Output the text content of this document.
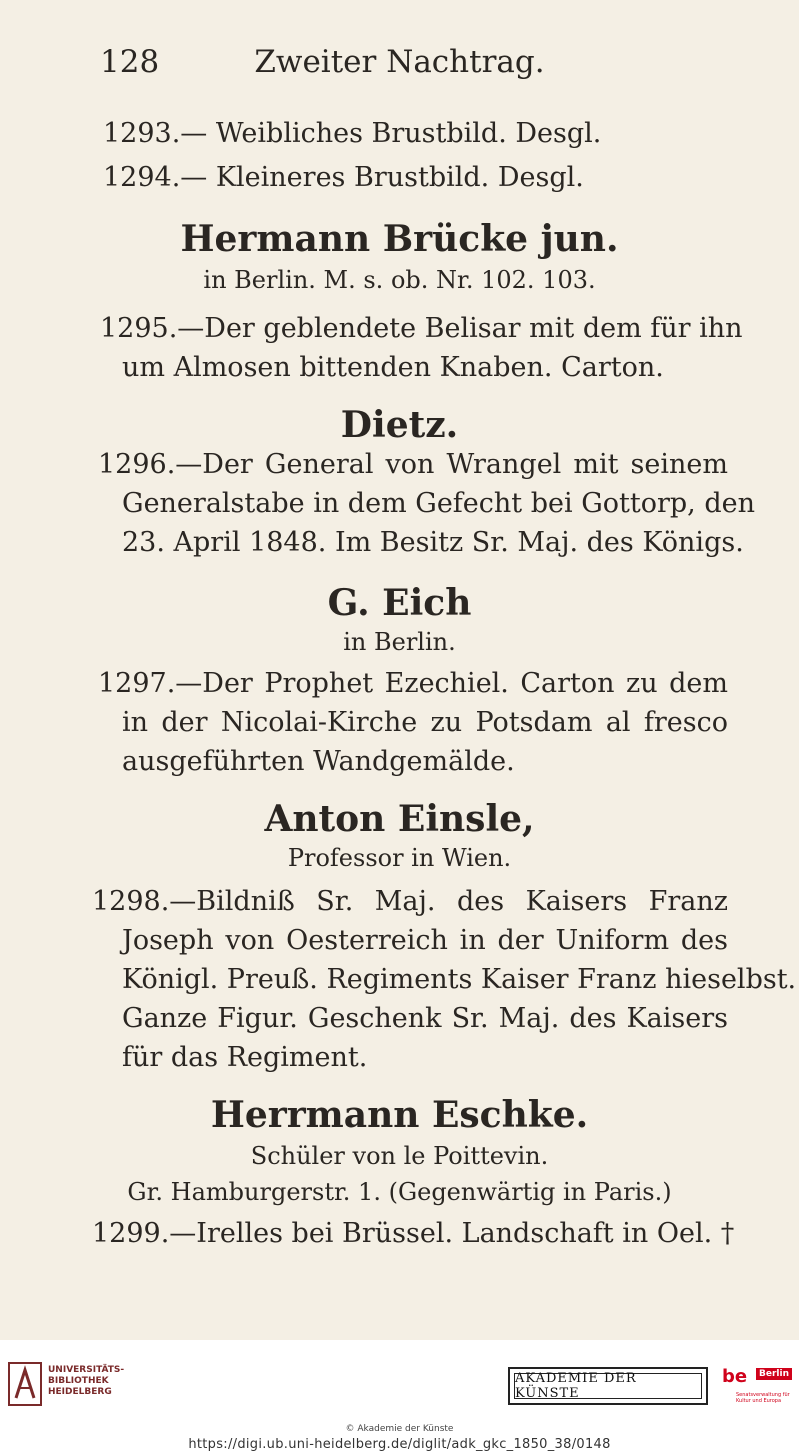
128	Zweiter Nachtrag.
1293.— Weibliches Brustbild. Desgl.
1294.— Kleineres Brustbild. Desgl.
Hermann Brücke jun.
in Berlin. M. s. ob. Nr. 102. 103.
1295.—Der geblendete Belisar mit dem für ihn
um Almosen bittenden Knaben. Carton.
Dietz.
1296.—Der General von Wrangel mit seinem
Generalstabe in dem Gefecht bei Gottorp, den
23. April 1848. Im Besitz Sr. Maj. des Königs.
G. Eich
in Berlin.
1297.—Der Prophet Ezechiel. Carton zu dem
in der Nicolai-Kirche zu Potsdam al fresco
ausgeführten Wandgemälde.
Anton Einsle,
Professor in Wien.
1298.—Bildniß Sr. Maj. des Kaisers Franz
Joseph von Oesterreich in der Uniform des
Königl. Preuß. Regiments Kaiser Franz hieselbst.
Ganze Figur. Geschenk Sr. Maj. des Kaisers
für das Regiment.
Herrmann Eschke.
Schüler von le Poittevin.
Gr. Hamburgerstr. 1. (Gegenwärtig in Paris.)
1299.—Irelles bei Brüssel. Landschaft in Oel. †
UNIVERSITÄTS-
BIBLIOTHEK
HEIDELBERG
AKADEMIE DER KÜNSTE
be	Berlin
Senatsverwaltung für Kultur und Europa
© Akademie der Künste
https://digi.ub.uni-heidelberg.de/diglit/adk_gkc_1850_38/0148
